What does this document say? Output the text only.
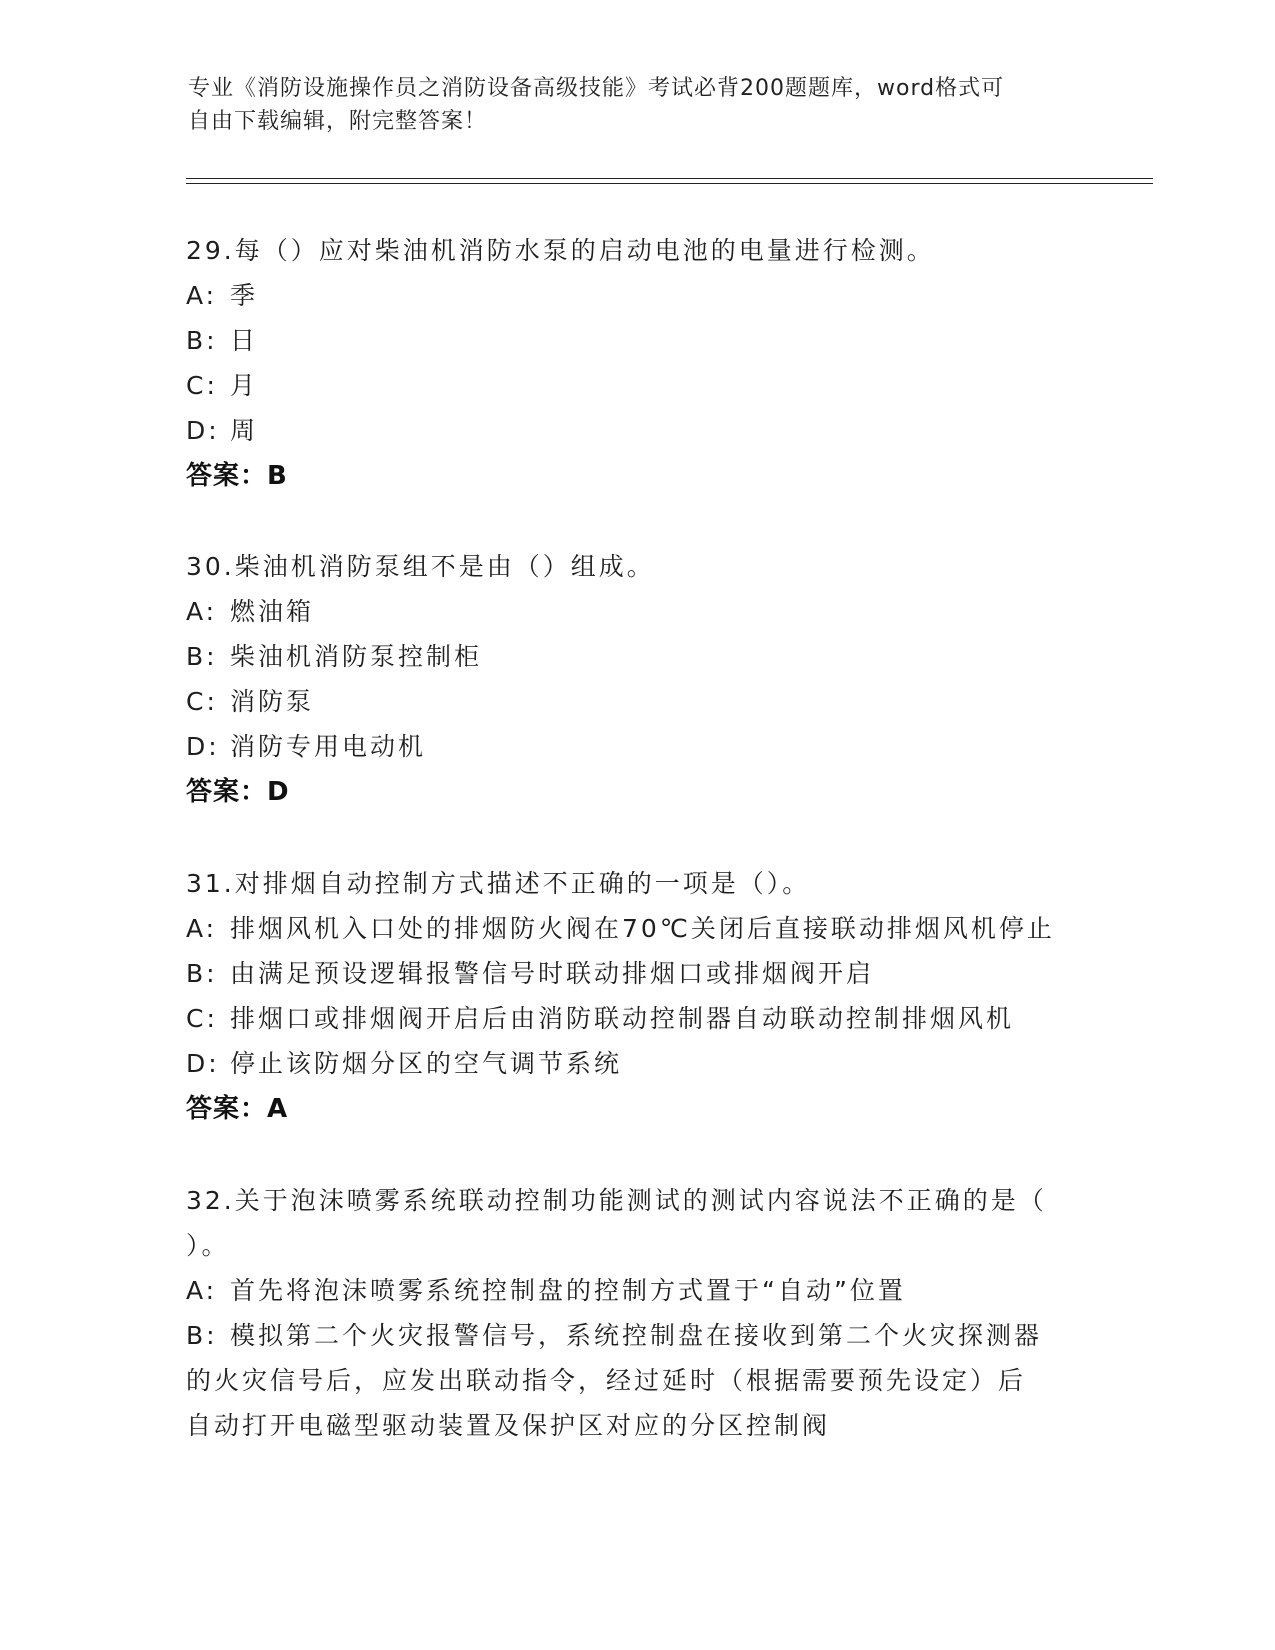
专业《消防设施操作员之消防设备高级技能》考试必背200题题库，word格式可
自由下载编辑，附完整答案！
29.每（）应对柴油机消防水泵的启动电池的电量进行检测。
A: 季
B: 日
C: 月
D: 周
答案：B
30.柴油机消防泵组不是由（）组成。
A: 燃油箱
B: 柴油机消防泵控制柜
C: 消防泵
D: 消防专用电动机
答案：D
31.对排烟自动控制方式描述不正确的一项是（）。
A: 排烟风机入口处的排烟防火阀在70℃关闭后直接联动排烟风机停止
B: 由满足预设逻辑报警信号时联动排烟口或排烟阀开启
C: 排烟口或排烟阀开启后由消防联动控制器自动联动控制排烟风机
D: 停止该防烟分区的空气调节系统
答案：A
32.关于泡沫喷雾系统联动控制功能测试的测试内容说法不正确的是（
）。
A: 首先将泡沫喷雾系统控制盘的控制方式置于“自动”位置
B: 模拟第二个火灾报警信号，系统控制盘在接收到第二个火灾探测器
的火灾信号后，应发出联动指令，经过延时（根据需要预先设定）后
自动打开电磁型驱动装置及保护区对应的分区控制阀
